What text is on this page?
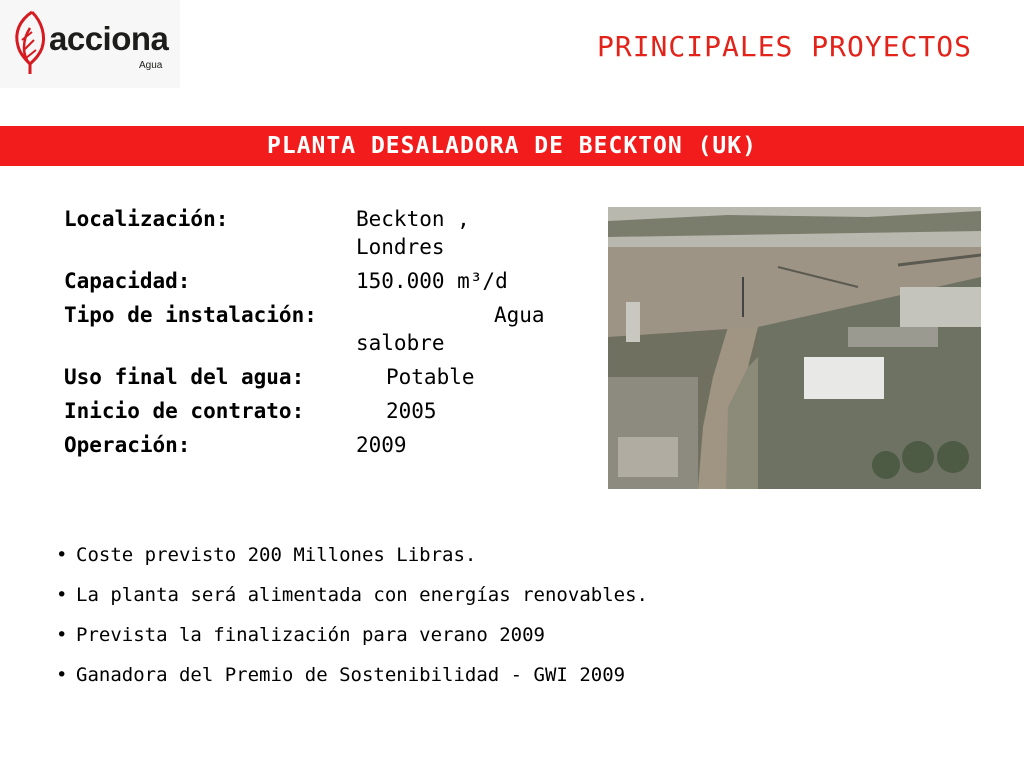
acciona
Agua
PRINCIPALES PROYECTOS
PLANTA DESALADORA DE BECKTON (UK)
Localización:	Beckton , Londres
Capacidad:	150.000 m³/d
Tipo de instalación:	Agua
salobre
Uso final del agua:	Potable
Inicio de contrato:	2005
Operación:	2009
• Coste previsto 200 Millones Libras.
• La planta será alimentada con energías renovables.
• Prevista la finalización para verano 2009
• Ganadora del Premio de Sostenibilidad - GWI 2009
